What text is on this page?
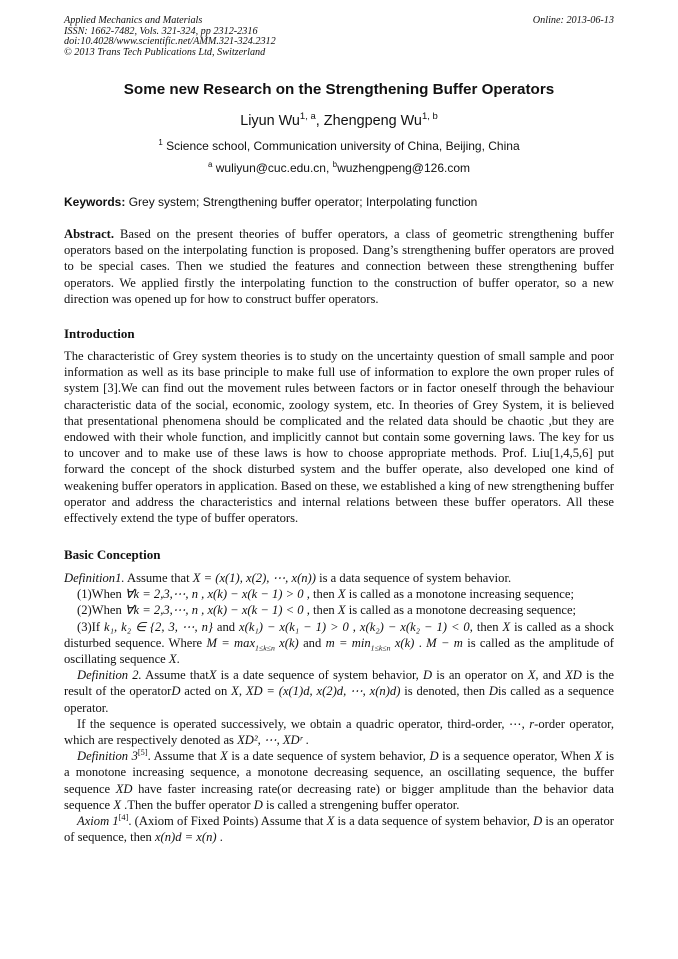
Applied Mechanics and Materials
ISSN: 1662-7482, Vols. 321-324, pp 2312-2316
doi:10.4028/www.scientific.net/AMM.321-324.2312
© 2013 Trans Tech Publications Ltd, Switzerland
Online: 2013-06-13
Some new Research on the Strengthening Buffer Operators
Liyun Wu$^{1, a}$, Zhengpeng Wu$^{1, b}$
$^1$ Science school, Communication university of China, Beijing, China
$^a$ wuliyun@cuc.edu.cn, $^b$wuzhengpeng@126.com
Keywords: Grey system; Strengthening buffer operator; Interpolating function
Abstract. Based on the present theories of buffer operators, a class of geometric strengthening buffer operators based on the interpolating function is proposed. Dang’s strengthening buffer operators are proved to be special cases. Then we studied the features and connection between these strengthening buffer operators. We applied firstly the interpolating function to the construction of buffer operator, so a new direction was opened up for how to construct buffer operators.
Introduction
The characteristic of Grey system theories is to study on the uncertainty question of small sample and poor information as well as its base principle to make full use of information to explore the own proper rules of system [3].We can find out the movement rules between factors or in factor oneself through the behaviour characteristic data of the social, economic, zoology system, etc. In theories of Grey System, it is believed that presentational phenomena should be complicated and the related data should be chaotic ,but they are endowed with their whole function, and implicitly cannot but contain some governing laws. The key for us to uncover and to make use of these laws is how to choose appropriate methods. Prof. Liu[1,4,5,6] put forward the concept of the shock disturbed system and the buffer operate, also developed one kind of weakening buffer operators in application. Based on these, we established a king of new strengthening buffer operator and address the characteristics and internal relations between these buffer operators. All these effectively extend the type of buffer operators.
Basic Conception
Definition1. Assume that X = (x(1), x(2), ⋯, x(n)) is a data sequence of system behavior.
(1)When ∀k = 2,3,⋯, n , x(k) − x(k − 1) > 0 , then X is called as a monotone increasing sequence;
(2)When ∀k = 2,3,⋯, n , x(k) − x(k − 1) < 0 , then X is called as a monotone decreasing sequence;
(3)If k₁, k₂ ∈ {2, 3, ⋯, n} and x(k₁) − x(k₁ − 1) > 0 , x(k₂) − x(k₂ − 1) < 0, then X is called as a shock disturbed sequence. Where $M = \max_{1\le k\le n} x(k)$ and $m = \min_{1\le k\le n} x(k)$ . M − m is called as the amplitude of oscillating sequence X.
Definition 2. Assume thatX is a date sequence of system behavior, D is an operator on X, and XD is the result of the operatorD acted on X, XD = (x(1)d, x(2)d, ⋯, x(n)d) is denoted, then Dis called as a sequence operator.
If the sequence is operated successively, we obtain a quadric operator, third-order, ⋯, r-order operator, which are respectively denoted as XD², ⋯, XDʳ .
Definition 3[5]. Assume that X is a date sequence of system behavior, D is a sequence operator, When X is a monotone increasing sequence, a monotone decreasing sequence, an oscillating sequence, the buffer sequence XD have faster increasing rate(or decreasing rate) or bigger amplitude than the behavior data sequence X .Then the buffer operator D is called a strengening buffer operator.
Axiom 1[4]. (Axiom of Fixed Points) Assume that X is a data sequence of system behavior, D is an operator of sequence, then x(n)d = x(n) .
